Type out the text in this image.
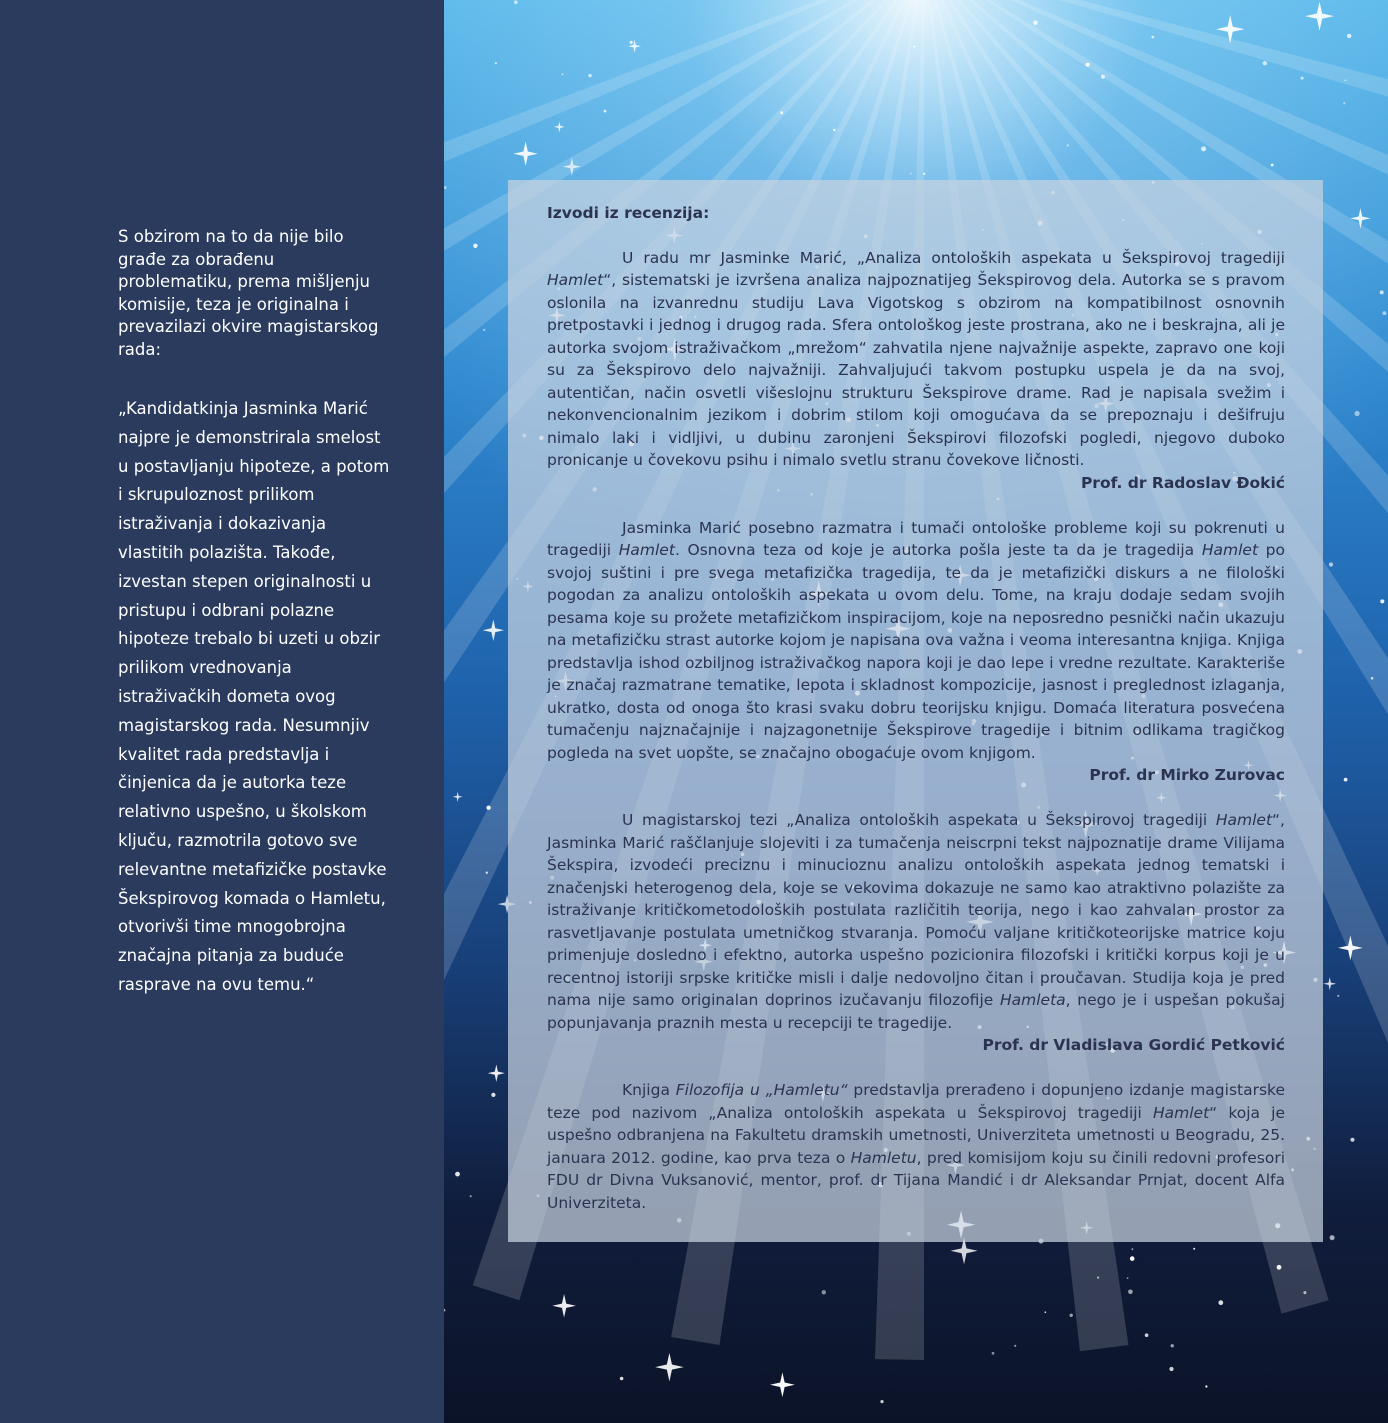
S obzirom na to da nije bilo građe za obrađenu problematiku, prema mišljenju komisije, teza je originalna i prevazilazi okvire magistarskog rada:

„Kandidatkinja Jasminka Marić najpre je demonstrirala smelost u postavljanju hipoteze, a potom i skrupuloznost prilikom istraživanja i dokazivanja vlastitih polazišta. Takođe, izvestan stepen originalnosti u pristupu i odbrani polazne hipoteze trebalo bi uzeti u obzir prilikom vrednovanja istraživačkih dometa ovog magistarskog rada. Nesumnjiv kvalitet rada predstavlja i činjenica da je autorka teze relativno uspešno, u školskom ključu, razmotrila gotovo sve relevantne metafizičke postavke Šekspirovog komada o Hamletu, otvorivši time mnogobrojna značajna pitanja za buduće rasprave na ovu temu.“

Izvodi iz recenzija:

U radu mr Jasminke Marić, „Analiza ontoloških aspekata u Šekspirovoj tragediji Hamlet“, sistematski je izvršena analiza najpoznatijeg Šekspirovog dela. Autorka se s pravom oslonila na izvanrednu studiju Lava Vigotskog s obzirom na kompatibilnost osnovnih pretpostavki i jednog i drugog rada. Sfera ontološkog jeste prostrana, ako ne i beskrajna, ali je autorka svojom istraživačkom „mrežom“ zahvatila njene najvažnije aspekte, zapravo one koji su za Šekspirovo delo najvažniji. Zahvaljujući takvom postupku uspela je da na svoj, autentičan, način osvetli višeslojnu strukturu Šekspirove drame. Rad je napisala svežim i nekonvencionalnim jezikom i dobrim stilom koji omogućava da se prepoznaju i dešifruju nimalo laki i vidljivi, u dubinu zaronjeni Šekspirovi filozofski pogledi, njegovo duboko pronicanje u čovekovu psihu i nimalo svetlu stranu čovekove ličnosti.

Prof. dr Radoslav Đokić

Jasminka Marić posebno razmatra i tumači ontološke probleme koji su pokrenuti u tragediji Hamlet. Osnovna teza od koje je autorka pošla jeste ta da je tragedija Hamlet po svojoj suštini i pre svega metafizička tragedija, te da je metafizički diskurs a ne filološki pogodan za analizu ontoloških aspekata u ovom delu. Tome, na kraju dodaje sedam svojih pesama koje su prožete metafizičkom inspiracijom, koje na neposredno pesnički način ukazuju na metafizičku strast autorke kojom je napisana ova važna i veoma interesantna knjiga. Knjiga predstavlja ishod ozbiljnog istraživačkog napora koji je dao lepe i vredne rezultate. Karakteriše je značaj razmatrane tematike, lepota i skladnost kompozicije, jasnost i preglednost izlaganja, ukratko, dosta od onoga što krasi svaku dobru teorijsku knjigu. Domaća literatura posvećena tumačenju najznačajnije i najzagonetnije Šekspirove tragedije i bitnim odlikama tragičkog pogleda na svet uopšte, se značajno obogaćuje ovom knjigom.

Prof. dr Mirko Zurovac

U magistarskoj tezi „Analiza ontoloških aspekata u Šekspirovoj tragediji Hamlet“, Jasminka Marić raščlanjuje slojeviti i za tumačenja neiscrpni tekst najpoznatije drame Vilijama Šekspira, izvodeći preciznu i minucioznu analizu ontoloških aspekata jednog tematski i značenjski heterogenog dela, koje se vekovima dokazuje ne samo kao atraktivno polazište za istraživanje kritičkometodoloških postulata različitih teorija, nego i kao zahvalan prostor za rasvetljavanje postulata umetničkog stvaranja. Pomoću valjane kritičkoteorijske matrice koju primenjuje dosledno i efektno, autorka uspešno pozicionira filozofski i kritički korpus koji je u recentnoj istoriji srpske kritičke misli i dalje nedovoljno čitan i proučavan. Studija koja je pred nama nije samo originalan doprinos izučavanju filozofije Hamleta, nego je i uspešan pokušaj popunjavanja praznih mesta u recepciji te tragedije.

Prof. dr Vladislava Gordić Petković

Knjiga Filozofija u „Hamletu“ predstavlja prerađeno i dopunjeno izdanje magistarske teze pod nazivom „Analiza ontoloških aspekata u Šekspirovoj tragediji Hamlet“ koja je uspešno odbranjena na Fakultetu dramskih umetnosti, Univerziteta umetnosti u Beogradu, 25. januara 2012. godine, kao prva teza o Hamletu, pred komisijom koju su činili redovni profesori FDU dr Divna Vuksanović, mentor, prof. dr Tijana Mandić i dr Aleksandar Prnjat, docent Alfa Univerziteta.
